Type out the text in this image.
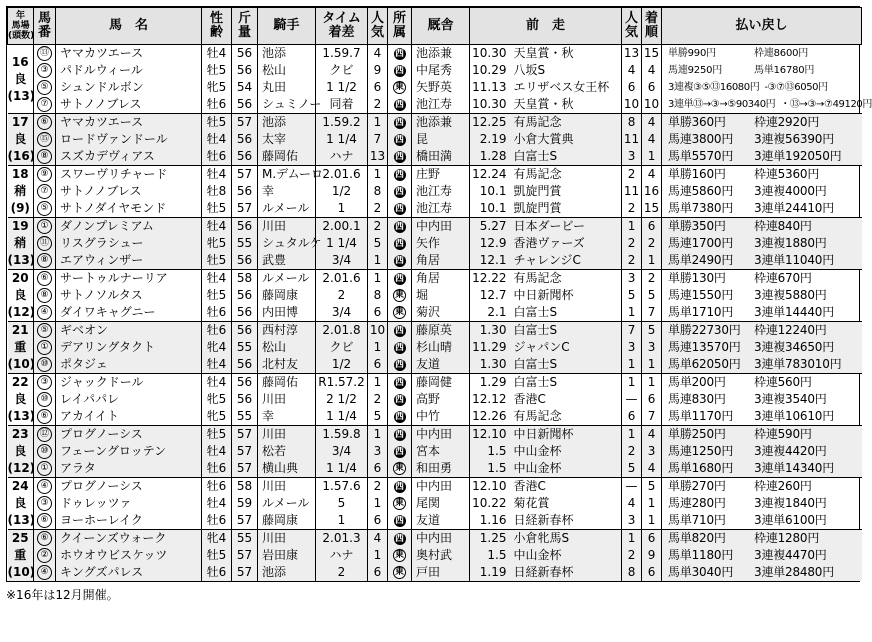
年
馬場
(頭数)	馬
番	馬　名	性
齢	斤
量	騎手	タイム
着差	人
気	所
属	厩舎	前　走		人
気	着
順	払い戻し
16
良
(13)	⑬	ヤマカツエース	牡4	56	池添	1.59.7	4	西	池添兼	10.30	天皇賞・秋	13	15	単勝990円 枠連8600円
	③	パドルウィール	牡5	56	松山	クビ	9	西	中尾秀	10.29	八坂S	4	4	馬連9250円 馬単16780円
	⑤	シュンドルボン	牝5	54	丸田	1 1/2	6	東	矢野英	11.13	エリザベス女王杯	6	6	3連複③⑤⑬16080円 -③⑦⑬6050円
	⑦	サトノノブレス	牡6	56	シュミノー	同着	2	西	池江寿	10.30	天皇賞・秋	10	10	3連単⑬→③→⑤90340円 ・⑬→③→⑦49120円
17
良
(16)	⑥	ヤマカツエース	牡5	57	池添	1.59.2	1	西	池添兼	12.25	有馬記念	8	4	単勝360円 枠連2920円
	⑮	ロードヴァンドール	牡4	56	太宰	1 1/4	7	西	昆	2.19	小倉大賞典	11	4	馬連3800円 3連複56390円
	⑧	スズカデヴィアス	牡6	56	藤岡佑	ハナ	13	西	橋田満	1.28	白富士S	3	1	馬単5570円 3連単192050円
18
稍
(9)	⑨	スワーヴリチャード	牡4	57	M.デムーロ	2.01.6	1	西	庄野	12.24	有馬記念	2	4	単勝160円 枠連5360円
	⑦	サトノノブレス	牡8	56	幸	1/2	8	西	池江寿	10.1	凱旋門賞	11	16	馬連5860円 3連複4000円
	⑤	サトノダイヤモンド	牡5	57	ルメール	1	2	西	池江寿	10.1	凱旋門賞	2	15	馬単7380円 3連単24410円
19
稍
(13)	①	ダノンプレミアム	牡4	56	川田	2.00.1	2	西	中内田	5.27	日本ダービー	1	6	単勝350円 枠連840円
	⑪	リスグラシュー	牝5	55	シュタルケ	1 1/4	5	西	矢作	12.9	香港ヴァーズ	2	2	馬連1700円 3連複1880円
	⑧	エアウィンザー	牡5	56	武豊	3/4	1	西	角居	12.1	チャレンジC	2	1	馬単2490円 3連単11040円
20
良
(12)	⑥	サートゥルナーリア	牡4	58	ルメール	2.01.6	1	西	角居	12.22	有馬記念	3	2	単勝130円 枠連670円
	⑧	サトノソルタス	牡5	56	藤岡康	2	8	東	堀	12.7	中日新聞杯	5	5	馬連1550円 3連複5880円
	④	ダイワキャグニー	牡6	56	内田博	3/4	6	東	菊沢	2.1	白富士S	1	7	馬単1710円 3連単14440円
21
重
(10)	⑤	ギベオン	牡6	56	西村淳	2.01.8	10	西	藤原英	1.30	白富士S	7	5	単勝22730円 枠連12240円
	①	デアリングタクト	牝4	55	松山	クビ	1	西	杉山晴	11.29	ジャパンC	3	3	馬連13570円 3連複34650円
	⑩	ポタジェ	牡4	56	北村友	1/2	6	西	友道	1.30	白富士S	1	1	馬単62050円 3連単783010円
22
良
(13)	③	ジャックドール	牡4	56	藤岡佑	R1.57.2	1	西	藤岡健	1.29	白富士S	1	1	馬単200円 枠連560円
	⑩	レイパパレ	牝5	56	川田	2 1/2	2	西	高野	12.12	香港C	—	6	馬連830円 3連複3540円
	⑥	アカイイト	牝5	55	幸	1 1/4	5	西	中竹	12.26	有馬記念	6	7	馬単1170円 3連単10610円
23
良
(12)	⑫	プログノーシス	牡5	57	川田	1.59.8	1	西	中内田	12.10	中日新聞杯	1	4	単勝250円 枠連590円
	⑩	フェーングロッテン	牡4	57	松若	3/4	3	西	宮本	1.5	中山金杯	2	3	馬連1250円 3連複4420円
	①	アラタ	牡6	57	横山典	1 1/4	6	東	和田勇	1.5	中山金杯	5	4	馬単1680円 3連単14340円
24
良
(13)	④	プログノーシス	牡6	58	川田	1.57.6	2	西	中内田	12.10	香港C	—	5	単勝270円 枠連260円
	③	ドゥレッツァ	牡4	59	ルメール	5	1	東	尾関	10.22	菊花賞	4	1	馬連280円 3連複1840円
	⑥	ヨーホーレイク	牡6	57	藤岡康	1	6	西	友道	1.16	日経新春杯	3	1	馬単710円 3連単6100円
25
重
(10)	⑥	クイーンズウォーク	牝4	55	川田	2.01.3	4	西	中内田	1.25	小倉牝馬S	1	6	馬単820円 枠連1280円
	②	ホウオウビスケッツ	牡5	57	岩田康	ハナ	1	東	奥村武	1.5	中山金杯	2	9	馬単1180円 3連複4470円
	④	キングズパレス	牡6	57	池添	2	6	東	戸田	1.19	日経新春杯	8	6	馬単3040円 3連単28480円
※16年は12月開催。
